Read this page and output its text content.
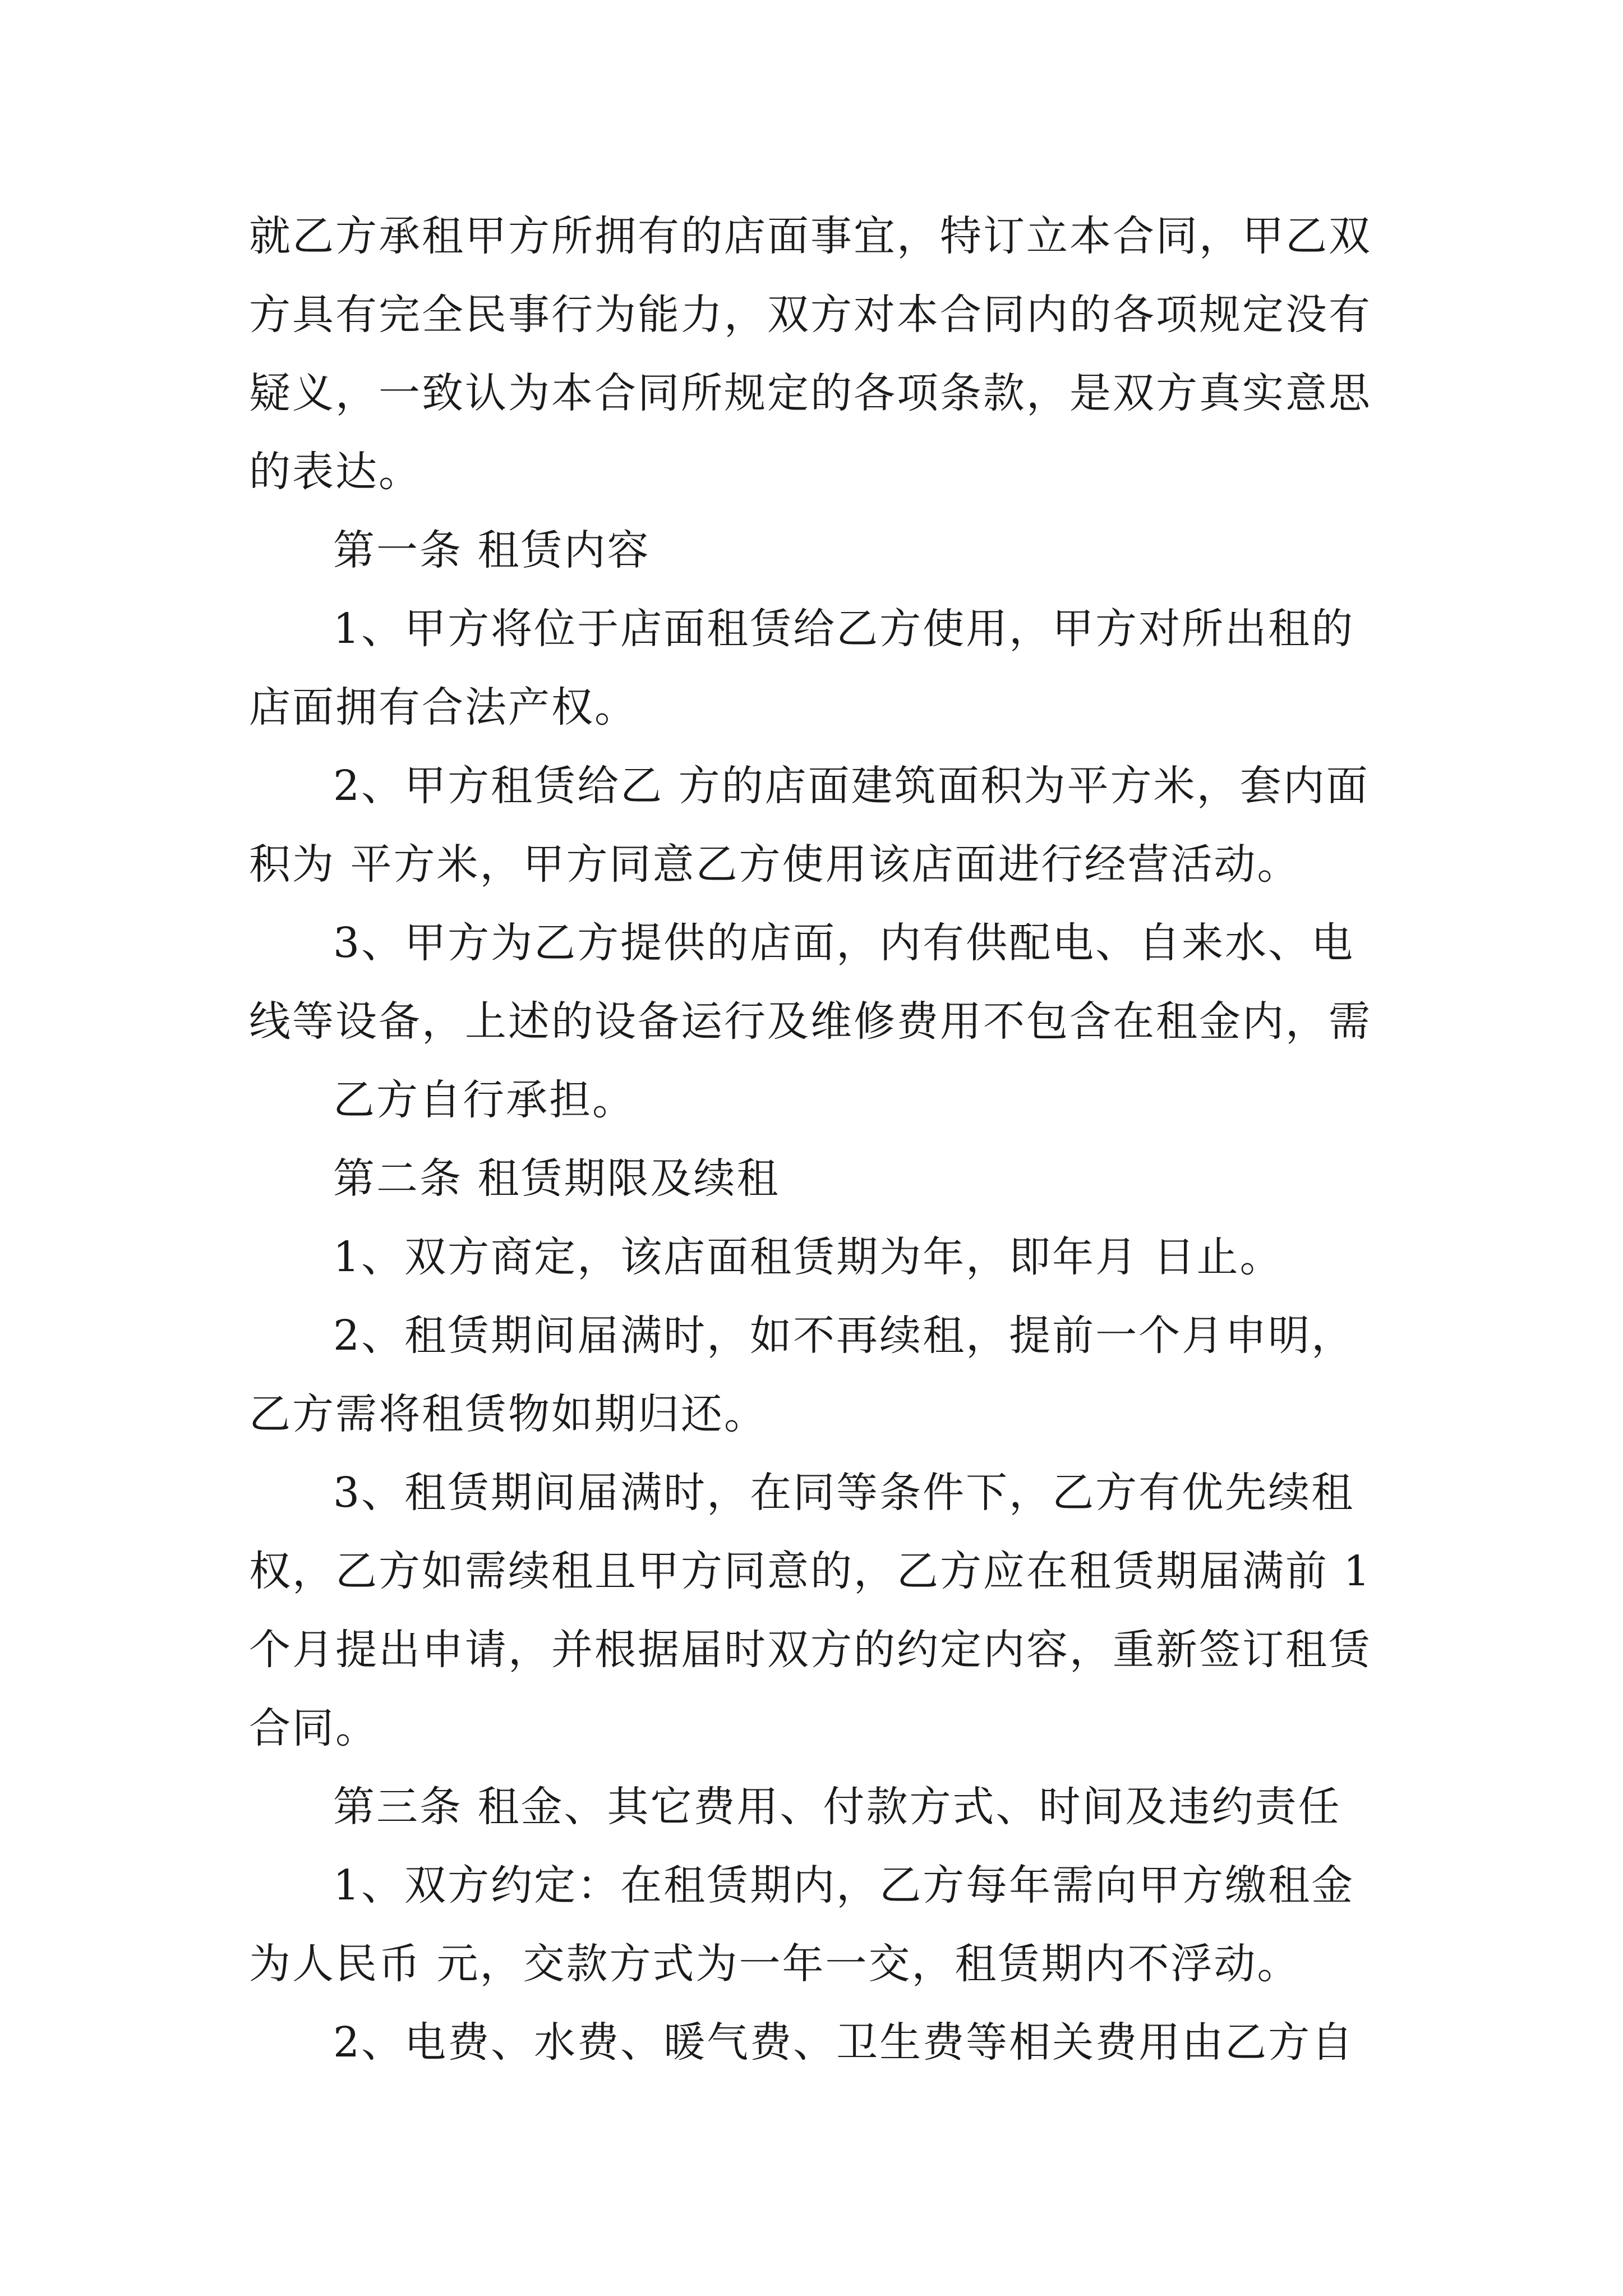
就乙方承租甲方所拥有的店面事宜，特订立本合同，甲乙双
方具有完全民事行为能力，双方对本合同内的各项规定没有
疑义，一致认为本合同所规定的各项条款，是双方真实意思
的表达。
第一条 租赁内容
1、甲方将位于店面租赁给乙方使用，甲方对所出租的
店面拥有合法产权。
2、甲方租赁给乙 方的店面建筑面积为平方米，套内面
积为 平方米，甲方同意乙方使用该店面进行经营活动。
3、甲方为乙方提供的店面，内有供配电、自来水、电
线等设备，上述的设备运行及维修费用不包含在租金内，需
乙方自行承担。
第二条 租赁期限及续租
1、双方商定，该店面租赁期为年，即年月 日止。
2、租赁期间届满时，如不再续租，提前一个月申明，
乙方需将租赁物如期归还。
3、租赁期间届满时，在同等条件下，乙方有优先续租
权，乙方如需续租且甲方同意的，乙方应在租赁期届满前 1
个月提出申请，并根据届时双方的约定内容，重新签订租赁
合同。
第三条 租金、其它费用、付款方式、时间及违约责任
1、双方约定：在租赁期内，乙方每年需向甲方缴租金
为人民币 元，交款方式为一年一交，租赁期内不浮动。
2、电费、水费、暖气费、卫生费等相关费用由乙方自
